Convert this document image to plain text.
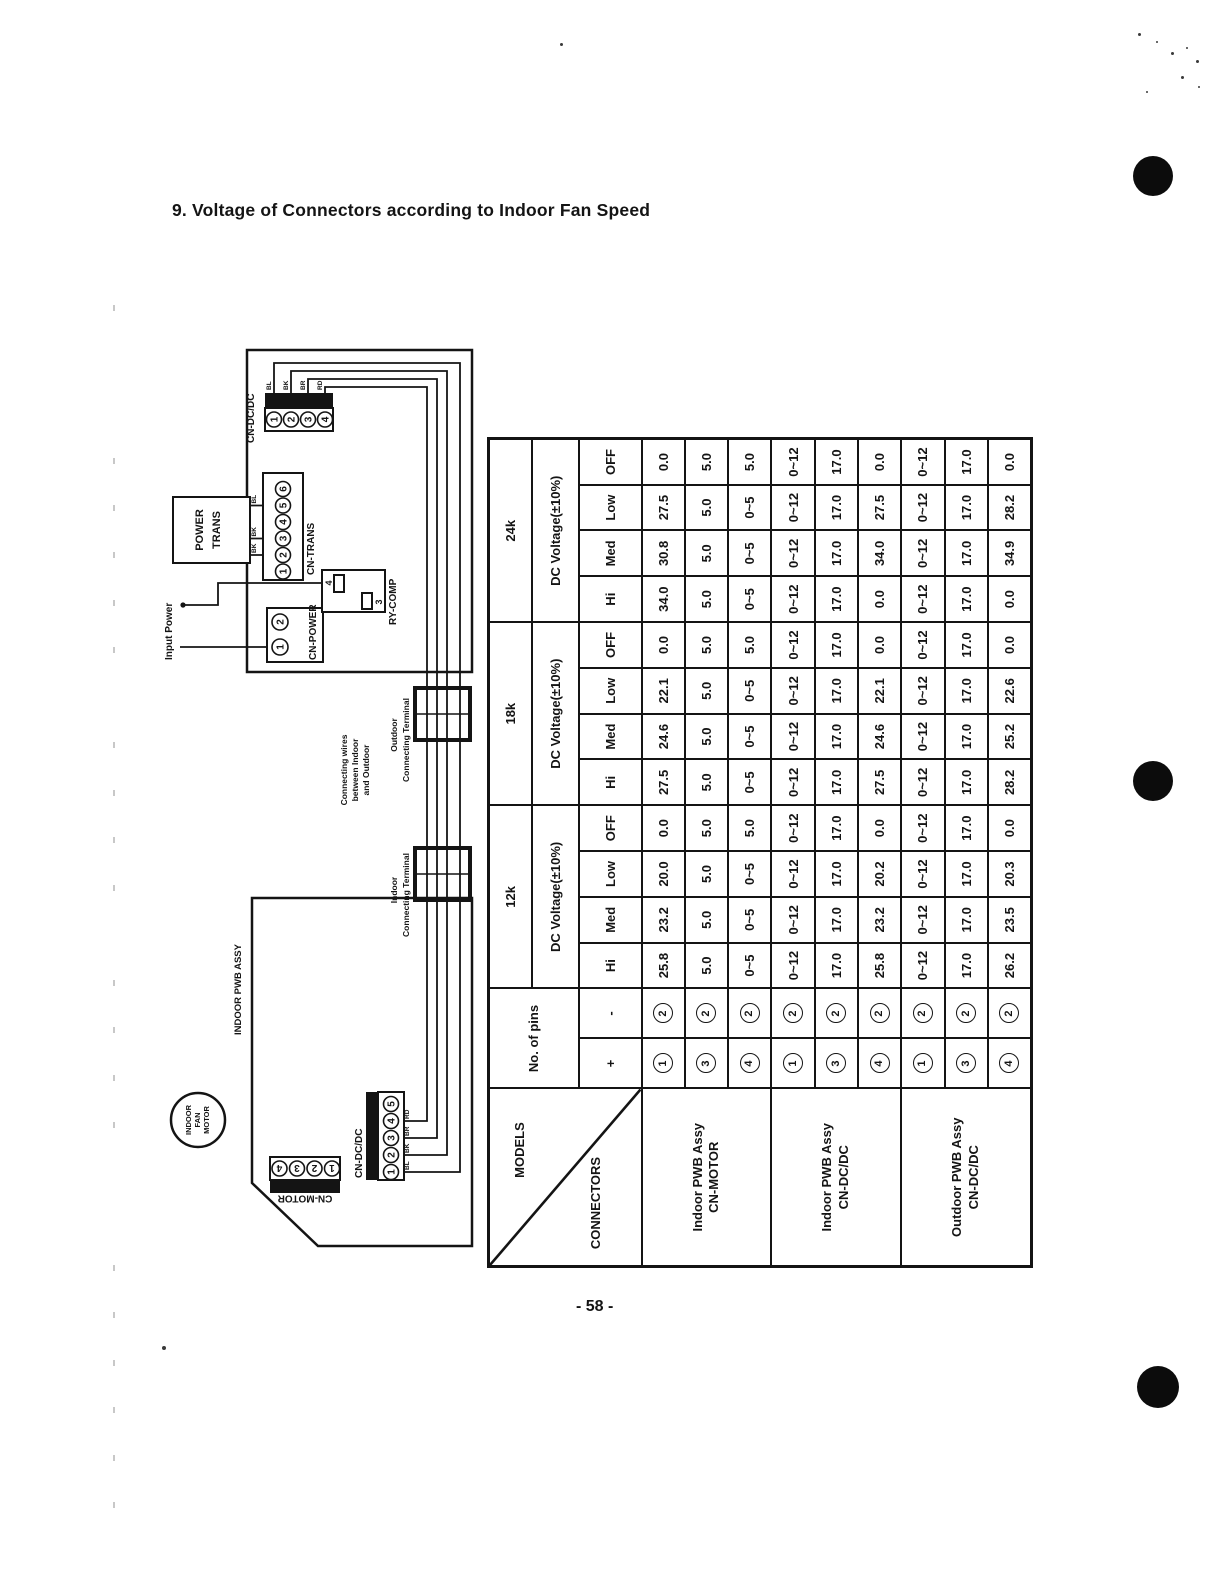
9. Voltage of Connectors according to Indoor Fan Speed
CN-DC/DC 1 2 3 4
BL BK BR RD
POWER TRANS
BL
BK
BK
6
5
4
3
2
1 CN-TRANS
2
1 CN-POWER
4
3 RY-COMP
Input Power
Outdoor Connecting Terminal
Connecting wires between Indoor and Outdoor
Indoor Connecting Terminal
INDOOR PWB ASSY
INDOOR FAN MOTOR
5
4
3
2
1
RD
BR
BK
BL
CN-DC/DC
4 3 2 1
CN-MOTOR
MODELS
CONNECTORS	No. of pins		12k				18k				24k			
			DC Voltage(±10%)				DC Voltage(±10%)				DC Voltage(±10%)			
	+	-	Hi	Med	Low	OFF	Hi	Med	Low	OFF	Hi	Med	Low	OFF

Indoor PWB Assy CN-MOTOR	1	2	25.8	23.2	20.0	0.0	27.5	24.6	22.1	0.0	34.0	30.8	27.5	0.0
	3	2	5.0	5.0	5.0	5.0	5.0	5.0	5.0	5.0	5.0	5.0	5.0	5.0
	4	2	0~5	0~5	0~5	5.0	0~5	0~5	0~5	5.0	0~5	0~5	0~5	5.0

Indoor PWB Assy CN-DC/DC	1	2	0~12	0~12	0~12	0~12	0~12	0~12	0~12	0~12	0~12	0~12	0~12	0~12
	3	2	17.0	17.0	17.0	17.0	17.0	17.0	17.0	17.0	17.0	17.0	17.0	17.0
	4	2	25.8	23.2	20.2	0.0	27.5	24.6	22.1	0.0	0.0	34.0	27.5	0.0

Outdoor PWB Assy CN-DC/DC	1	2	0~12	0~12	0~12	0~12	0~12	0~12	0~12	0~12	0~12	0~12	0~12	0~12
	3	2	17.0	17.0	17.0	17.0	17.0	17.0	17.0	17.0	17.0	17.0	17.0	17.0
	4	2	26.2	23.5	20.3	0.0	28.2	25.2	22.6	0.0	0.0	34.9	28.2	0.0
- 58 -
